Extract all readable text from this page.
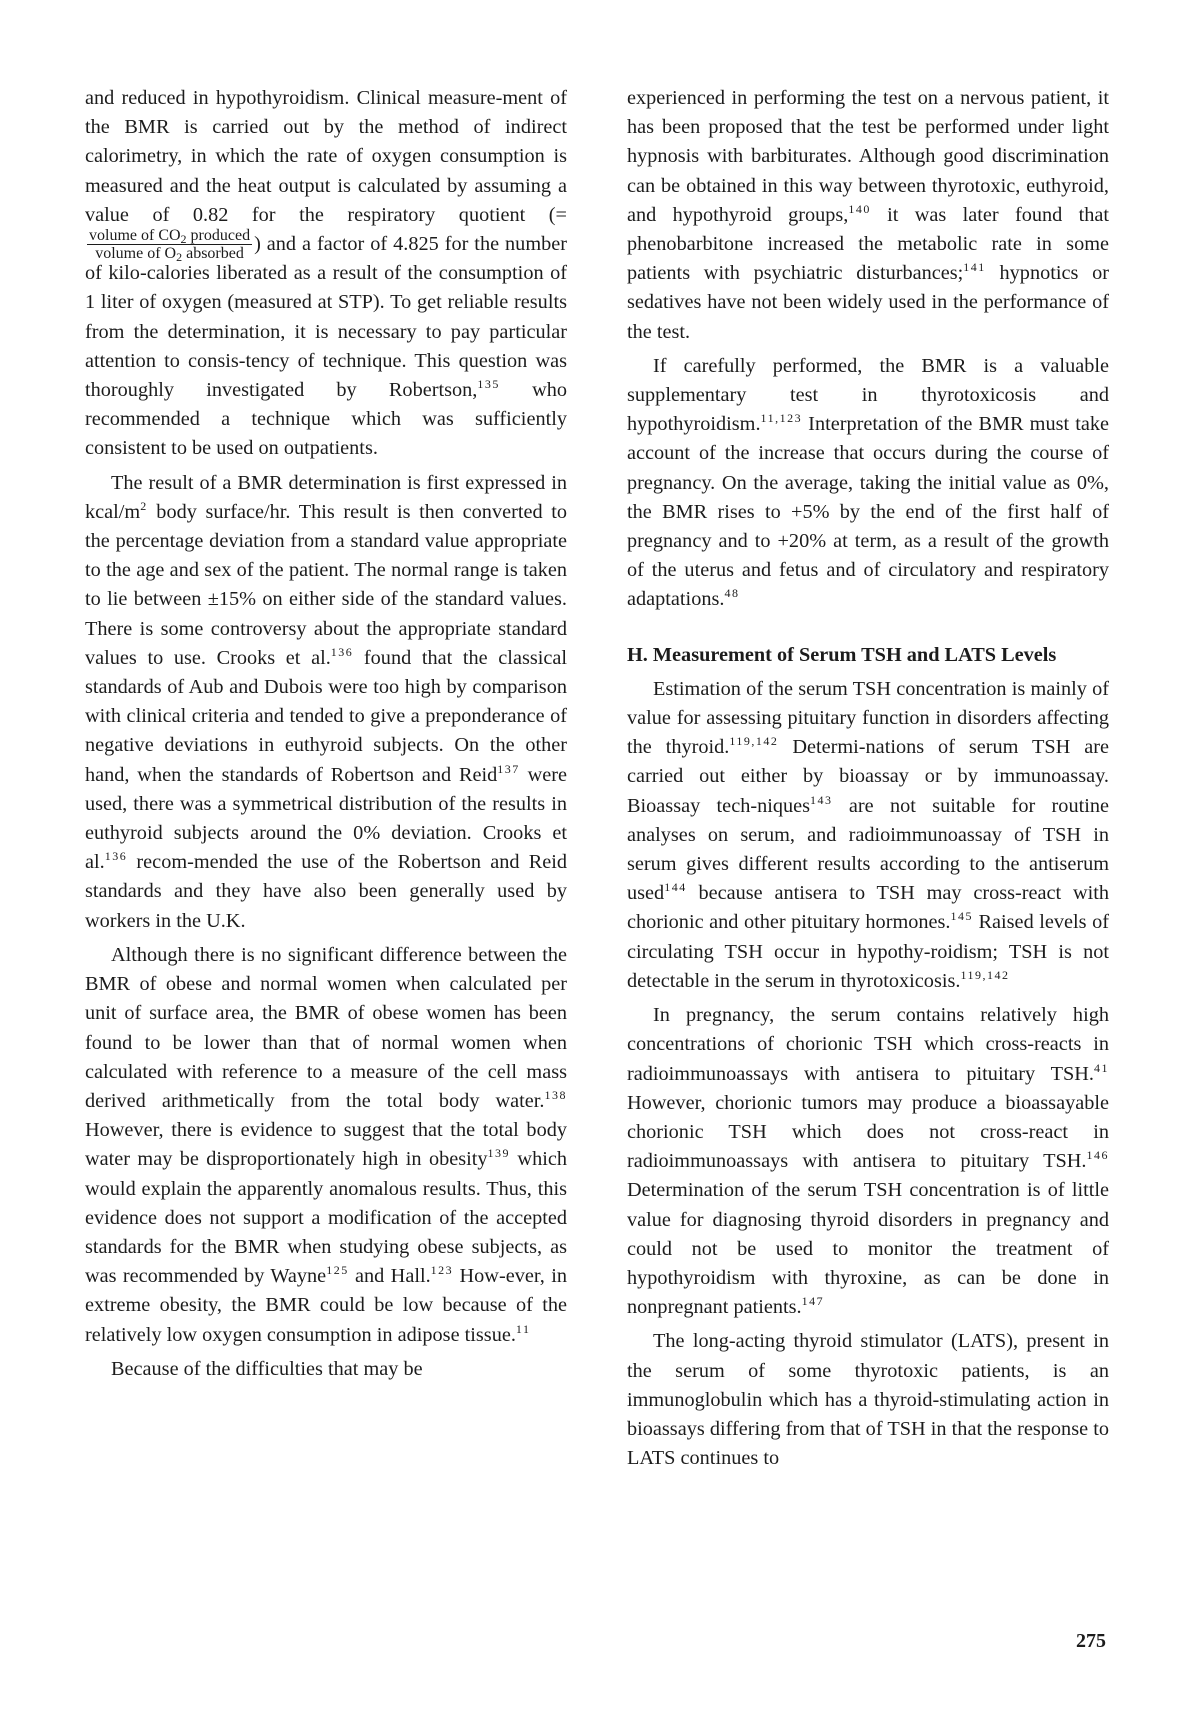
and reduced in hypothyroidism. Clinical measure-ment of the BMR is carried out by the method of indirect calorimetry, in which the rate of oxygen consumption is measured and the heat output is calculated by assuming a value of 0.82 for the respiratory quotient (=
$\frac{volume of CO_2 produced}{volume of O_2 absorbed}$ ) and a factor of 4.825 for the number of kilo-calories liberated as a result of the consumption of 1 liter of oxygen (measured at STP). To get reliable results from the determination, it is necessary to pay particular attention to consis-tency of technique. This question was thoroughly investigated by Robertson,$^{135}$ who recommended a technique which was sufficiently consistent to be used on outpatients.

The result of a BMR determination is first expressed in kcal/$m^2$ body surface/hr. This result is then converted to the percentage deviation from a standard value appropriate to the age and sex of the patient. The normal range is taken to lie between ±15% on either side of the standard values. There is some controversy about the appropriate standard values to use. Crooks et al.$^{136}$ found that the classical standards of Aub and Dubois were too high by comparison with clinical criteria and tended to give a preponderance of negative deviations in euthyroid subjects. On the other hand, when the standards of Robertson and Reid$^{137}$ were used, there was a symmetrical distribution of the results in euthyroid subjects around the 0% deviation. Crooks et al.$^{136}$ recom-mended the use of the Robertson and Reid standards and they have also been generally used by workers in the U.K.

Although there is no significant difference between the BMR of obese and normal women when calculated per unit of surface area, the BMR of obese women has been found to be lower than that of normal women when calculated with reference to a measure of the cell mass derived arithmetically from the total body water.$^{138}$ However, there is evidence to suggest that the total body water may be disproportionately high in obesity$^{139}$ which would explain the apparently anomalous results. Thus, this evidence does not support a modification of the accepted standards for the BMR when studying obese subjects, as was recommended by Wayne$^{125}$ and Hall.$^{123}$ How-ever, in extreme obesity, the BMR could be low because of the relatively low oxygen consumption in adipose tissue.$^{11}$

Because of the difficulties that may be

experienced in performing the test on a nervous patient, it has been proposed that the test be performed under light hypnosis with barbiturates. Although good discrimination can be obtained in this way between thyrotoxic, euthyroid, and hypothyroid groups,$^{140}$ it was later found that phenobarbitone increased the metabolic rate in some patients with psychiatric disturbances;$^{141}$ hypnotics or sedatives have not been widely used in the performance of the test.

If carefully performed, the BMR is a valuable supplementary test in thyrotoxicosis and hypothyroidism.$^{11,123}$ Interpretation of the BMR must take account of the increase that occurs during the course of pregnancy. On the average, taking the initial value as 0%, the BMR rises to +5% by the end of the first half of pregnancy and to +20% at term, as a result of the growth of the uterus and fetus and of circulatory and respiratory adaptations.$^{48}$

H. Measurement of Serum TSH and LATS Levels

Estimation of the serum TSH concentration is mainly of value for assessing pituitary function in disorders affecting the thyroid.$^{119,142}$ Determi-nations of serum TSH are carried out either by bioassay or by immunoassay. Bioassay tech-niques$^{143}$ are not suitable for routine analyses on serum, and radioimmunoassay of TSH in serum gives different results according to the antiserum used$^{144}$ because antisera to TSH may cross-react with chorionic and other pituitary hormones.$^{145}$ Raised levels of circulating TSH occur in hypothy-roidism; TSH is not detectable in the serum in thyrotoxicosis.$^{119,142}$

In pregnancy, the serum contains relatively high concentrations of chorionic TSH which cross-reacts in radioimmunoassays with antisera to pituitary TSH.$^{41}$ However, chorionic tumors may produce a bioassayable chorionic TSH which does not cross-react in radioimmunoassays with antisera to pituitary TSH.$^{146}$ Determination of the serum TSH concentration is of little value for diagnosing thyroid disorders in pregnancy and could not be used to monitor the treatment of hypothyroidism with thyroxine, as can be done in nonpregnant patients.$^{147}$

The long-acting thyroid stimulator (LATS), present in the serum of some thyrotoxic patients, is an immunoglobulin which has a thyroid-stimulating action in bioassays differing from that of TSH in that the response to LATS continues to

275
